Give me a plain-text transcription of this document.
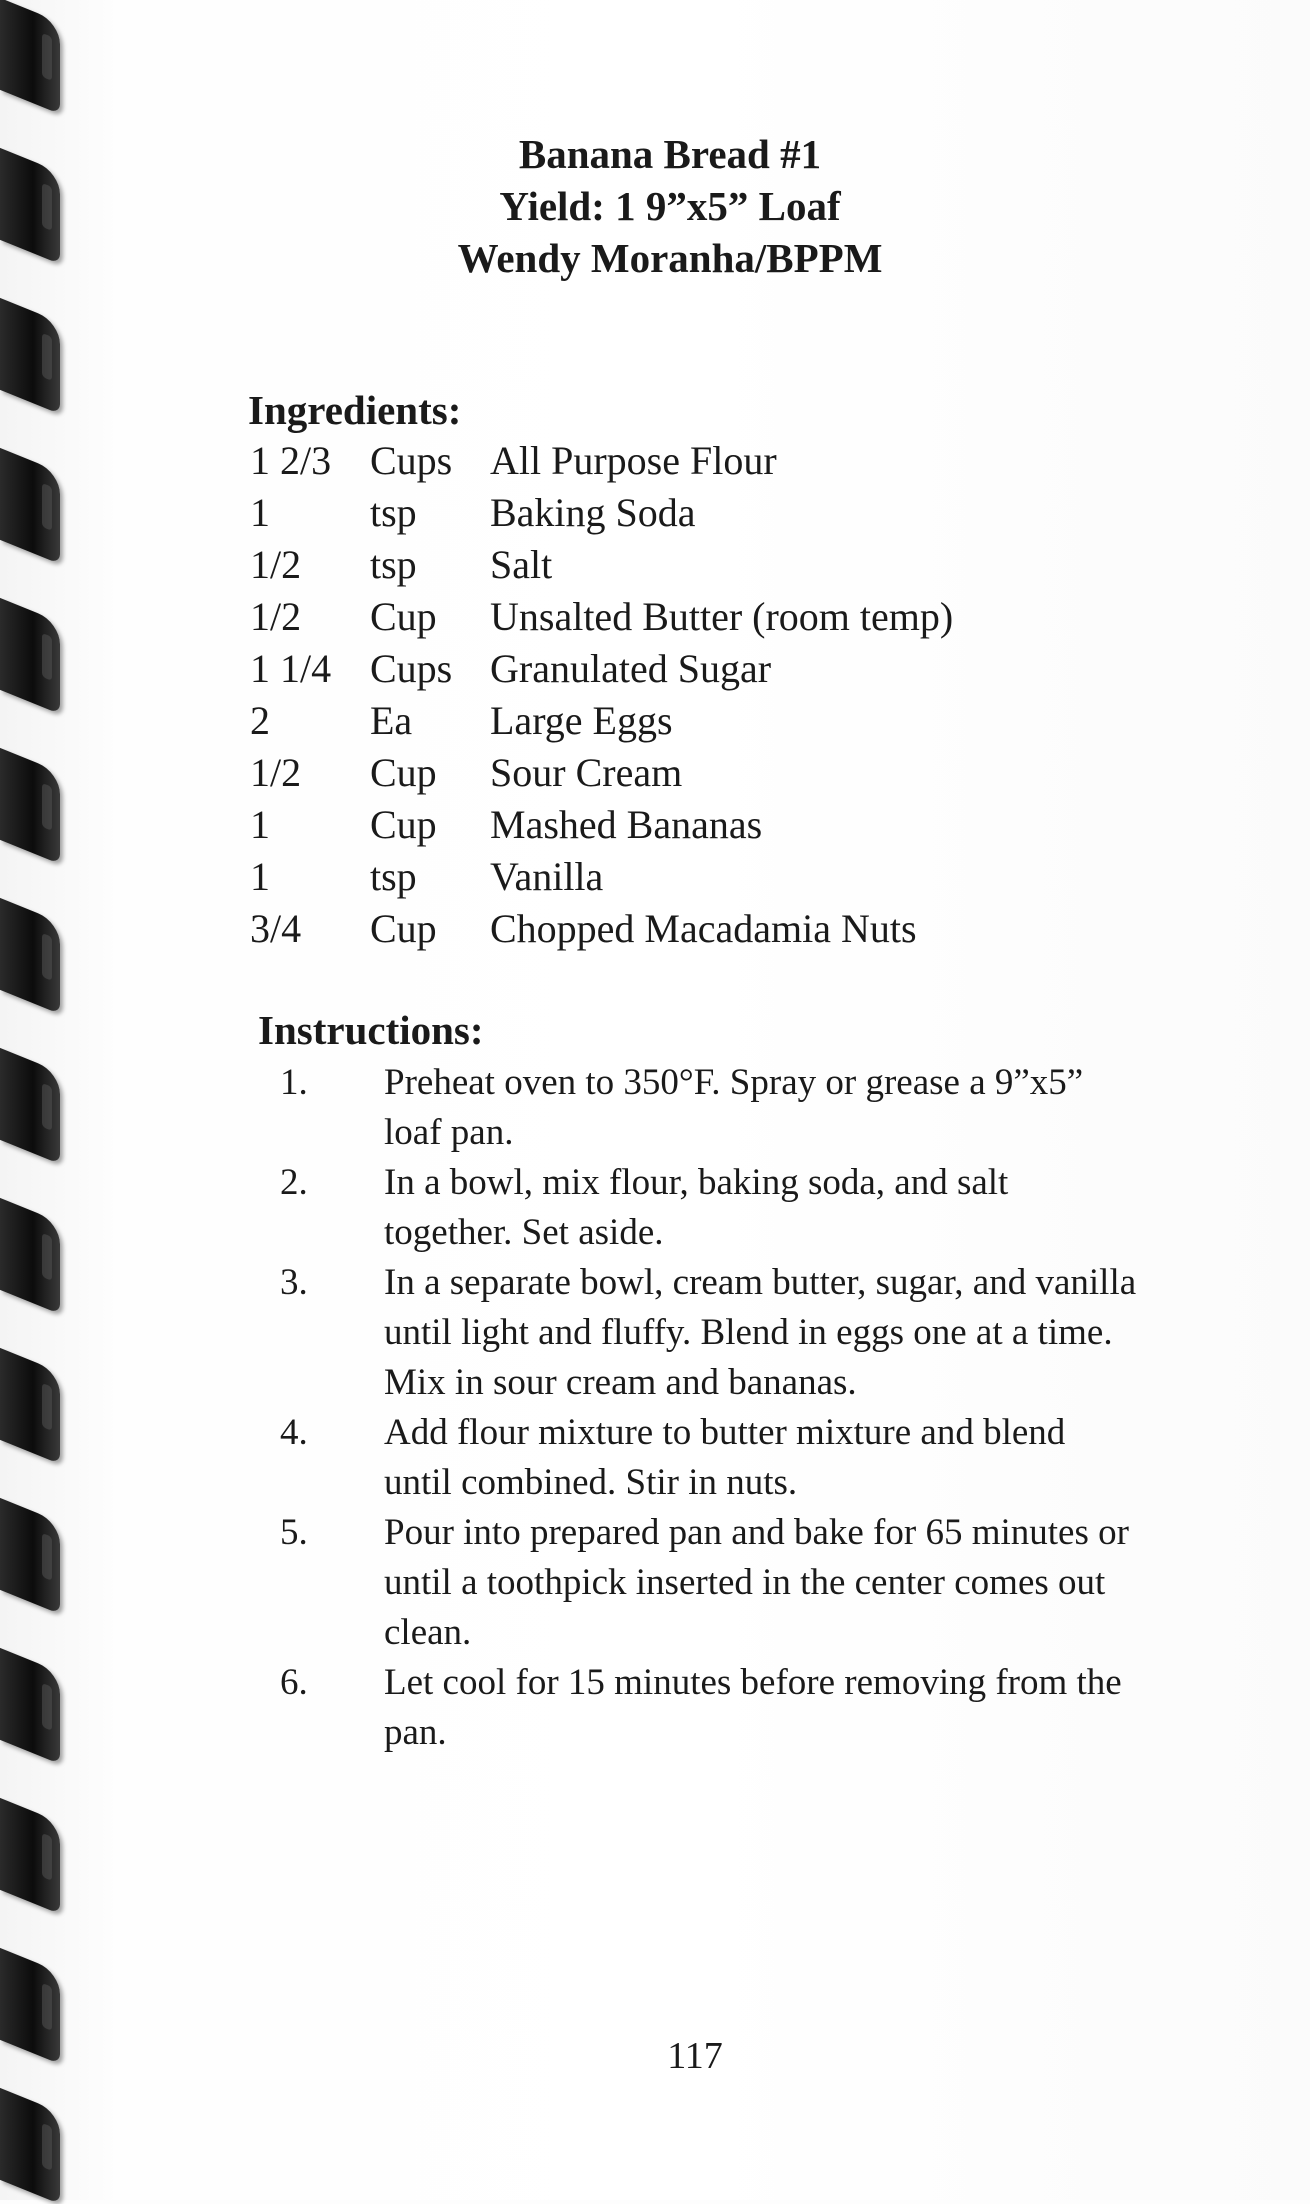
Banana Bread #1
Yield: 1 9”x5” Loaf
Wendy Moranha/BPPM
Ingredients:
1 2/3 Cups All Purpose Flour
1	tsp Baking Soda
1/2 tsp Salt
1/2 Cup Unsalted Butter (room temp)
1 1/4 Cups Granulated Sugar
2	Ea Large Eggs
1/2 Cup Sour Cream
1	Cup Mashed Bananas
1	tsp Vanilla
3/4 Cup Chopped Macadamia Nuts
Instructions:
1. Preheat oven to 350°F. Spray or grease a 9”x5” loaf pan.
2. In a bowl, mix flour, baking soda, and salt together. Set aside.
3. In a separate bowl, cream butter, sugar, and vanilla until light and fluffy. Blend in eggs one at a time. Mix in sour cream and bananas.
4. Add flour mixture to butter mixture and blend until combined. Stir in nuts.
5. Pour into prepared pan and bake for 65 minutes or until a toothpick inserted in the center comes out clean.
6. Let cool for 15 minutes before removing from the pan.
117
